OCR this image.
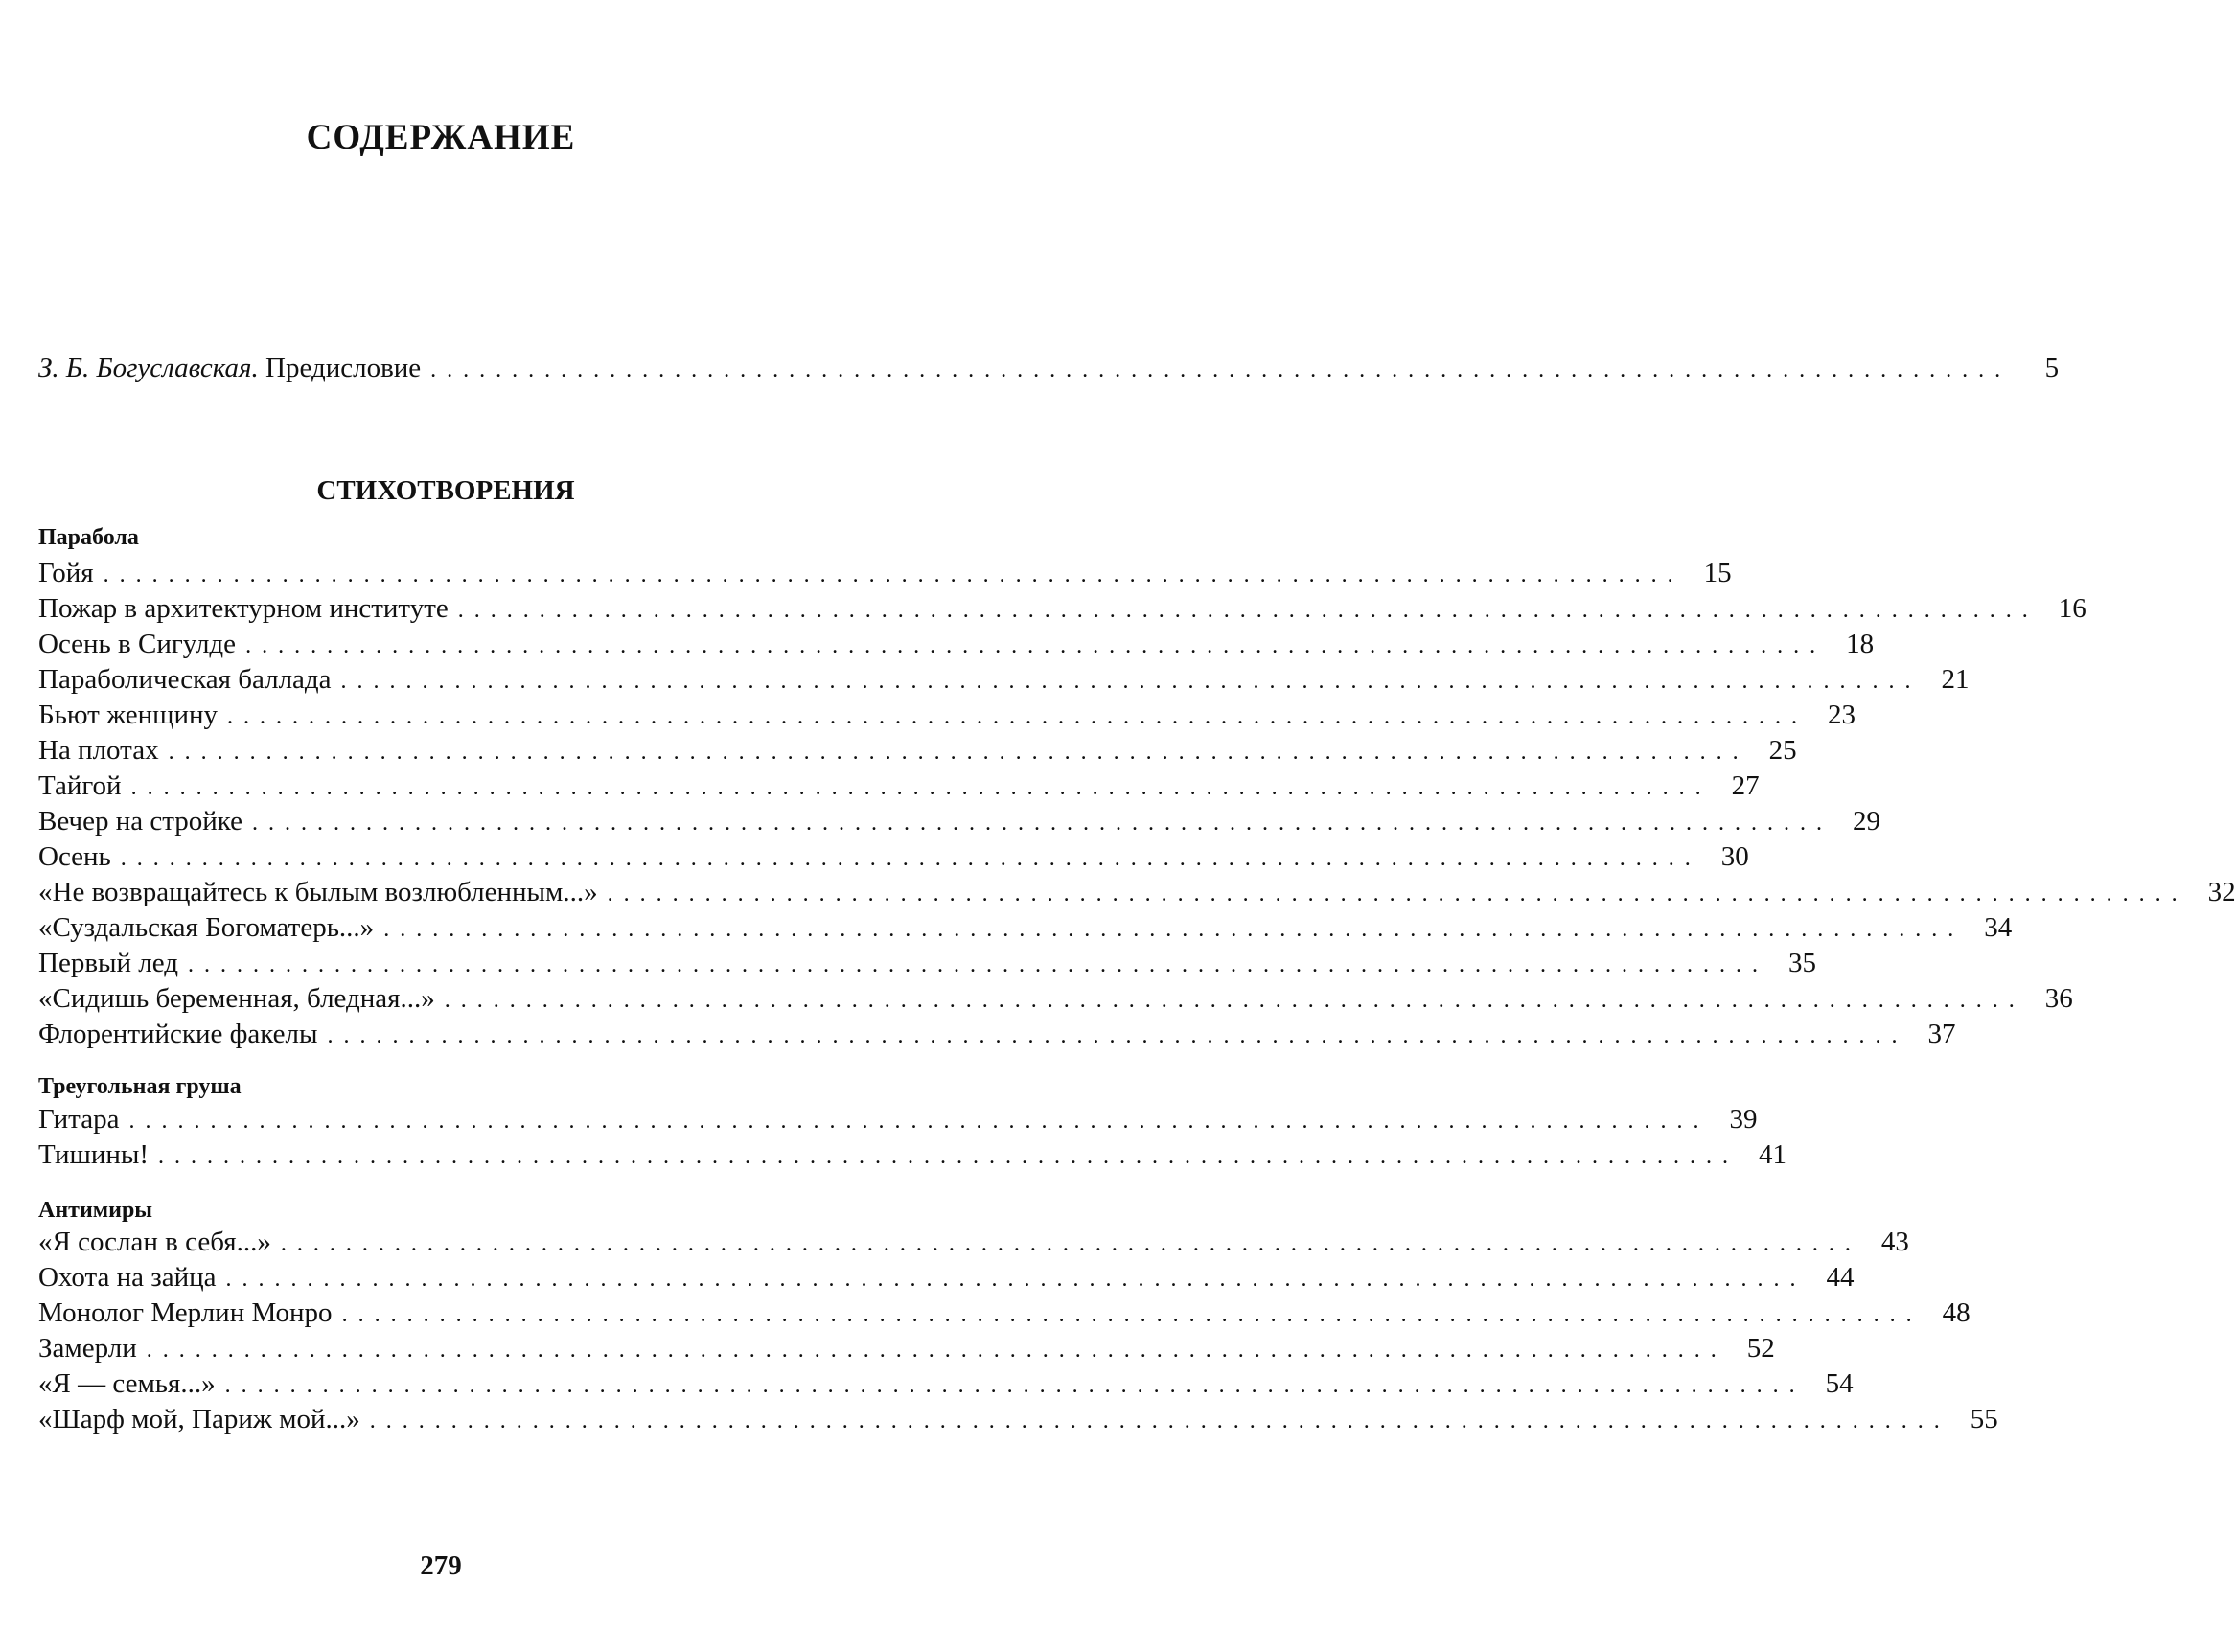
СОДЕРЖАНИЕ
З. Б. Богуславская. Предисловие .................................................................................................	5
СТИХОТВОРЕНИЯ
Парабола
Гойя ................................................................................................. 15
Пожар в архитектурном институте ................................................................................................. 16
Осень в Сигулде ................................................................................................. 18
Параболическая баллада ................................................................................................. 21
Бьют женщину ................................................................................................. 23
На плотах ................................................................................................. 25
Тайгой ................................................................................................. 27
Вечер на стройке ................................................................................................. 29
Осень ................................................................................................. 30
«Не возвращайтесь к былым возлюбленным...» ................................................................................................. 32
«Суздальская Богоматерь...» ................................................................................................. 34
Первый лед ................................................................................................. 35
«Сидишь беременная, бледная...» ................................................................................................. 36
Флорентийские факелы ................................................................................................. 37
Треугольная груша
Гитара ................................................................................................. 39
Тишины! ................................................................................................. 41
Антимиры
«Я сослан в себя...» ................................................................................................. 43
Охота на зайца ................................................................................................. 44
Монолог Мерлин Монро ................................................................................................. 48
Замерли ................................................................................................. 52
«Я — семья...» ................................................................................................. 54
«Шарф мой, Париж мой...» ................................................................................................. 55
279
